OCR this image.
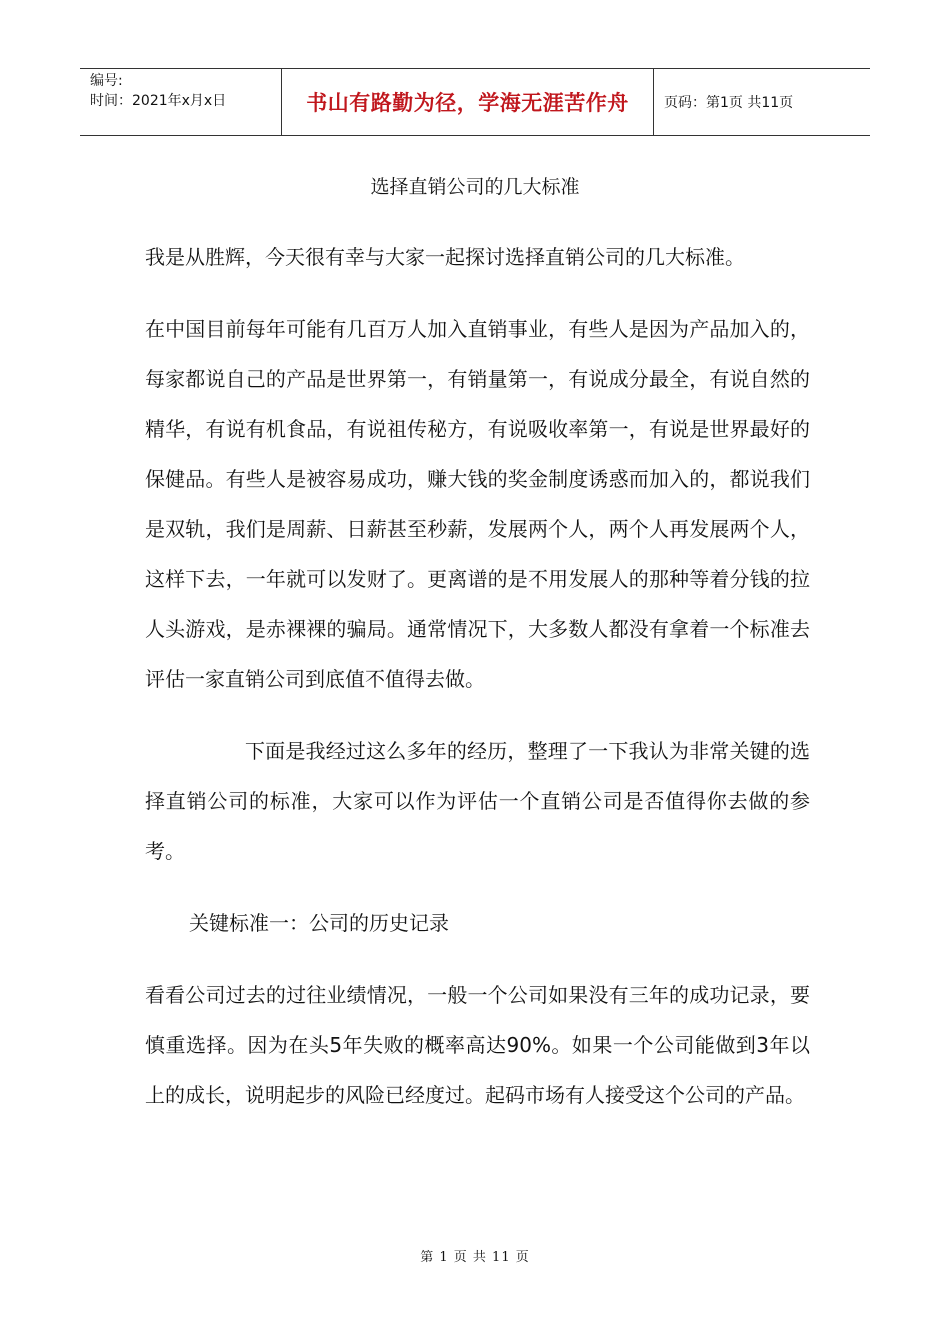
编号:
时间：2021年x月x日	书山有路勤为径，学海无涯苦作舟	页码：第1页 共11页
选择直销公司的几大标准

我是从胜辉，今天很有幸与大家一起探讨选择直销公司的几大标准。

在中国目前每年可能有几百万人加入直销事业，有些人是因为产品加入的，每家都说自己的产品是世界第一，有销量第一，有说成分最全，有说自然的精华，有说有机食品，有说祖传秘方，有说吸收率第一，有说是世界最好的保健品。有些人是被容易成功，赚大钱的奖金制度诱惑而加入的，都说我们是双轨，我们是周薪、日薪甚至秒薪，发展两个人，两个人再发展两个人，这样下去，一年就可以发财了。更离谱的是不用发展人的那种等着分钱的拉人头游戏，是赤裸裸的骗局。通常情况下，大多数人都没有拿着一个标准去评估一家直销公司到底值不值得去做。

下面是我经过这么多年的经历，整理了一下我认为非常关键的选择直销公司的标准，大家可以作为评估一个直销公司是否值得你去做的参考。

关键标准一：公司的历史记录

看看公司过去的过往业绩情况，一般一个公司如果没有三年的成功记录，要慎重选择。因为在头5年失败的概率高达90%。如果一个公司能做到3年以上的成长，说明起步的风险已经度过。起码市场有人接受这个公司的产品。

第 1 页 共 11 页
